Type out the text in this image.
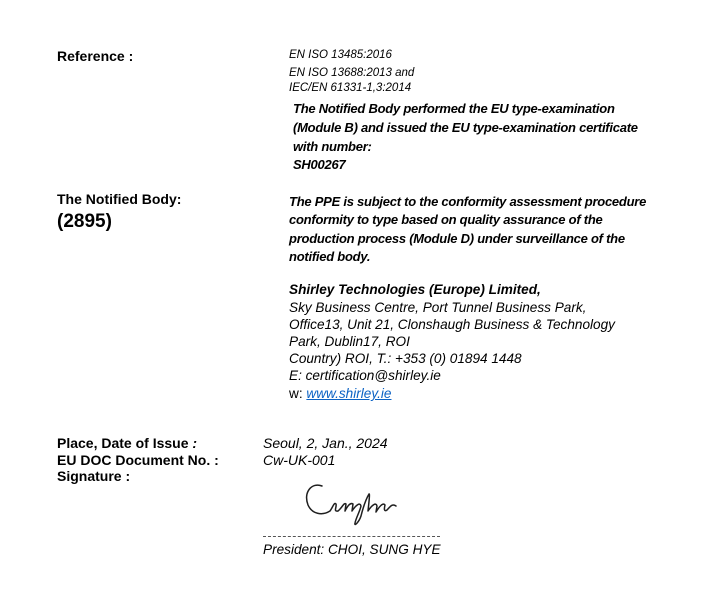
Reference :	EN ISO 13485:2016
EN ISO 13688:2013 and
IEC/EN 61331-1,3:2014
The Notified Body performed the EU type-examination
(Module B) and issued the EU type-examination certificate
with number:
SH00267
The Notified Body:
(2895)
The PPE is subject to the conformity assessment procedure
conformity to type based on quality assurance of the
production process (Module D) under surveillance of the
notified body.
Shirley Technologies (Europe) Limited,
Sky Business Centre, Port Tunnel Business Park,
Office13, Unit 21, Clonshaugh Business & Technology
Park, Dublin17, ROI
Country) ROI, T.: +353 (0) 01894 1448
E: certification@shirley.ie
w: www.shirley.ie
Place, Date of Issue :
EU DOC Document No. :
Signature :
Seoul, 2, Jan., 2024
Cw-UK-001
President: CHOI, SUNG HYE
